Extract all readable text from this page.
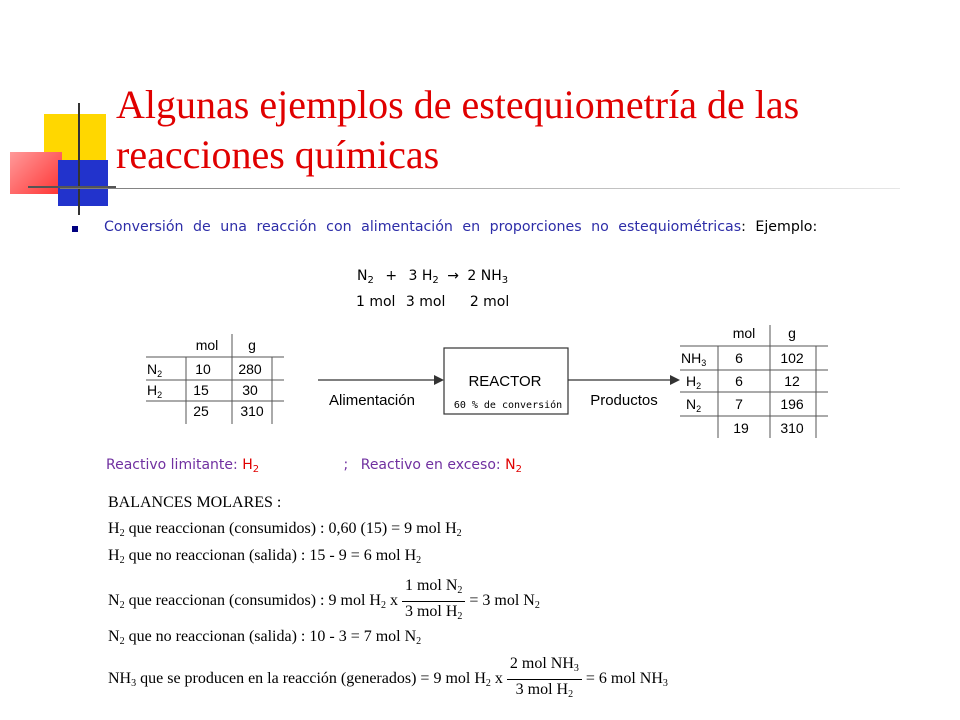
Algunas ejemplos de estequiometría de las reacciones químicas
Conversión de una reacción con alimentación en proporciones no estequiométricas: Ejemplo:
$N_2 + 3$ $H_2 \to 2$ $NH_3$
1 mol 3 mol 2 mol
mol g
$N_2$ 10 280
$H_2$ 15 30
25 310
REACTOR
60 % de conversión
Alimentación	Productos
mol g
$NH_3$ 6	102
$H_2$ 6	12
$N_2$ 7	196
19 310
Reactivo limitante: $H_2$	; Reactivo en exceso: $N_2$
BALANCES MOLARES :
$H_2$ que reaccionan (consumidos) : 0,60 (15) = 9 mol $H_2$
$H_2$ que no reaccionan (salida) : 15 - 9 = 6 mol $H_2$
$N_2$ que reaccionan (consumidos) : 9 mol $H_2$ x $\frac{1 mol N_2}{3 mol H_2} = 3$ mol $N_2$
$N_2$ que no reaccionan (salida) : 10 - 3 = 7 mol $N_2$
$NH_3$ que se producen en la reacción (generados) = 9 mol $H_2$ x $\frac{2 mol NH_3}{3 mol H_2} = 6$ mol $NH_3$
